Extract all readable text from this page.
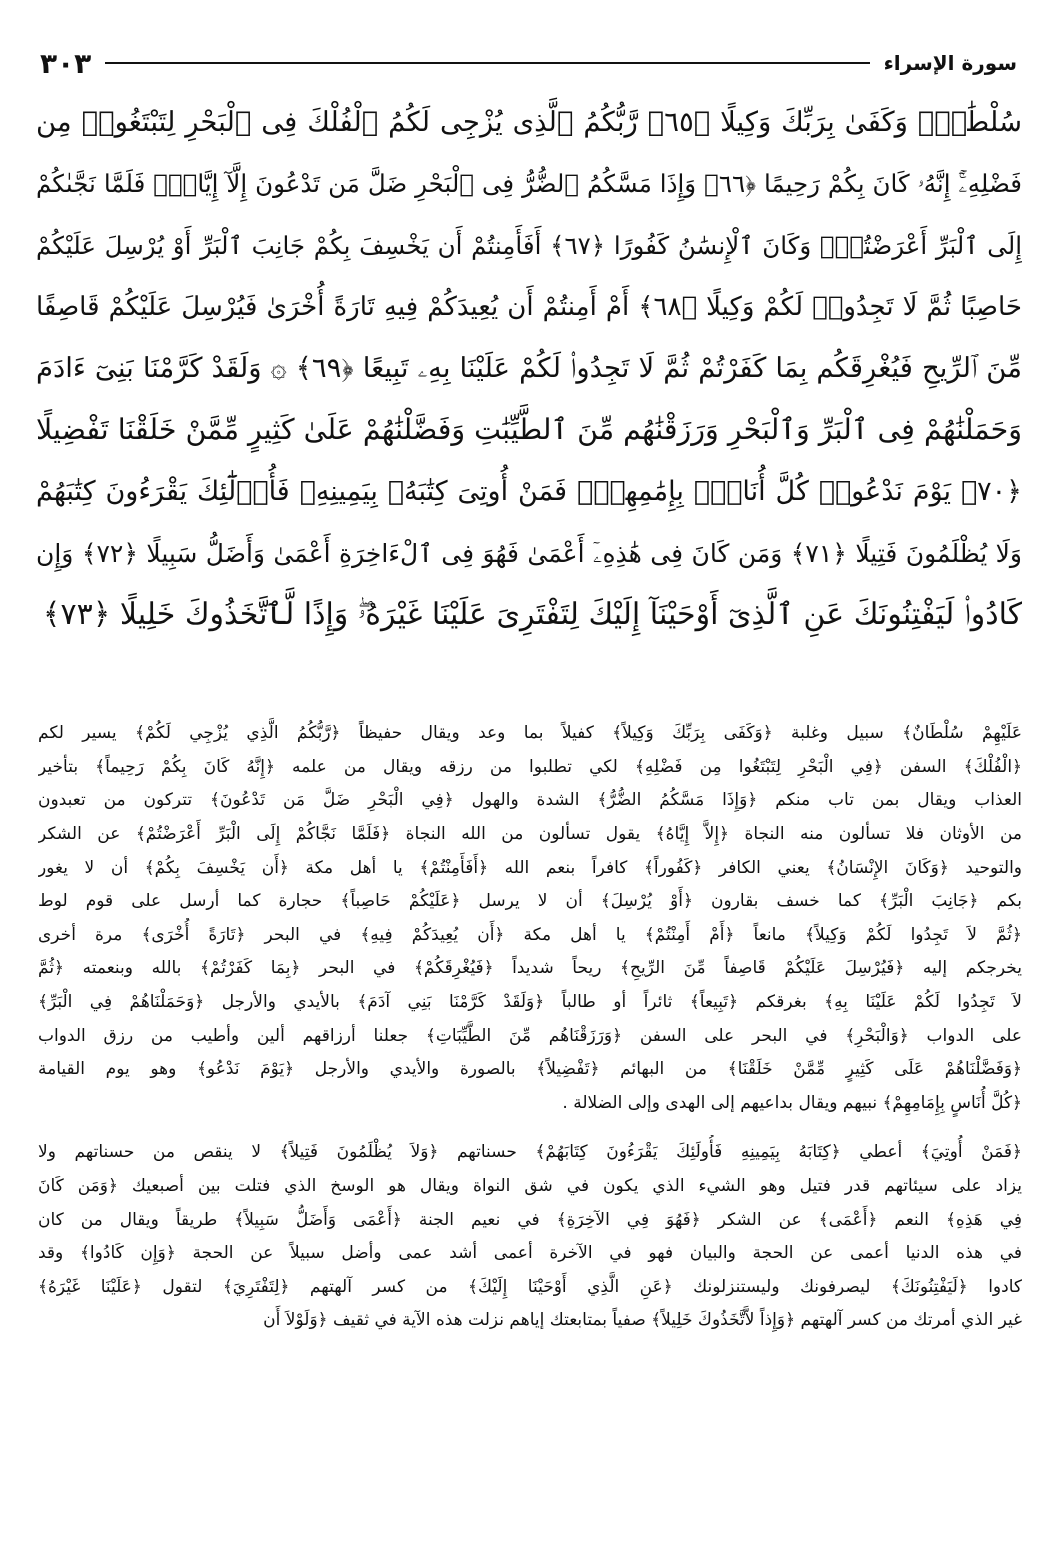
سورة الإسراء
٣٠٣
سُلْطَٰنٌۚ وَكَفَىٰ بِرَبِّكَ وَكِيلًا ﴿٦٥﴾ رَّبُّكُمُ ٱلَّذِى يُزْجِى لَكُمُ ٱلْفُلْكَ فِى ٱلْبَحْرِ لِتَبْتَغُوا۟ مِن
فَضْلِهِۦٓۚ إِنَّهُۥ كَانَ بِكُمْ رَحِيمًا ﴿٦٦﴾ وَإِذَا مَسَّكُمُ ٱلضُّرُّ فِى ٱلْبَحْرِ ضَلَّ مَن تَدْعُونَ إِلَّآ إِيَّاهُۖ فَلَمَّا نَجَّىٰكُمْ
إِلَى ٱلْبَرِّ أَعْرَضْتُمْۚ وَكَانَ ٱلْإِنسَٰنُ كَفُورًا ﴿٦٧﴾ أَفَأَمِنتُمْ أَن يَخْسِفَ بِكُمْ جَانِبَ ٱلْبَرِّ أَوْ يُرْسِلَ عَلَيْكُمْ
حَاصِبًا ثُمَّ لَا تَجِدُوا۟ لَكُمْ وَكِيلًا ﴿٦٨﴾ أَمْ أَمِنتُمْ أَن يُعِيدَكُمْ فِيهِ تَارَةً أُخْرَىٰ فَيُرْسِلَ عَلَيْكُمْ قَاصِفًا
مِّنَ ٱلرِّيحِ فَيُغْرِقَكُم بِمَا كَفَرْتُمْ ثُمَّ لَا تَجِدُوا۟ لَكُمْ عَلَيْنَا بِهِۦ تَبِيعًا ﴿٦٩﴾ ۞ وَلَقَدْ كَرَّمْنَا بَنِىٓ ءَادَمَ
وَحَمَلْنَٰهُمْ فِى ٱلْبَرِّ وَٱلْبَحْرِ وَرَزَقْنَٰهُم مِّنَ ٱلطَّيِّبَٰتِ وَفَضَّلْنَٰهُمْ عَلَىٰ كَثِيرٍ مِّمَّنْ خَلَقْنَا تَفْضِيلًا
﴿٧٠﴾ يَوْمَ نَدْعُوا۟ كُلَّ أُنَاسٍۭ بِإِمَٰمِهِمْۖ فَمَنْ أُوتِىَ كِتَٰبَهُۥ بِيَمِينِهِۦ فَأُو۟لَٰٓئِكَ يَقْرَءُونَ كِتَٰبَهُمْ
وَلَا يُظْلَمُونَ فَتِيلًا ﴿٧١﴾ وَمَن كَانَ فِى هَٰذِهِۦٓ أَعْمَىٰ فَهُوَ فِى ٱلْءَاخِرَةِ أَعْمَىٰ وَأَضَلُّ سَبِيلًا ﴿٧٢﴾ وَإِن
كَادُوا۟ لَيَفْتِنُونَكَ عَنِ ٱلَّذِىٓ أَوْحَيْنَآ إِلَيْكَ لِتَفْتَرِىَ عَلَيْنَا غَيْرَهُۥۖ وَإِذًا لَّٱتَّخَذُوكَ خَلِيلًا ﴿٧٣﴾
عَلَيْهِمْ سُلْطَانٌ﴾ سبيل وغلبة ﴿وَكَفَى بِرَبِّكَ وَكِيلاً﴾ كفيلاً بما وعد ويقال حفيظاً ﴿رَّبُّكُمُ الَّذِي يُزْجِي لَكُمْ﴾ يسير لكم
﴿الْفُلْكَ﴾ السفن ﴿فِي الْبَحْرِ لِتَبْتَغُوا مِن فَضْلِهِ﴾ لكي تطلبوا من رزقه ويقال من علمه ﴿إِنَّهُ كَانَ بِكُمْ رَحِيماً﴾ بتأخير
العذاب ويقال بمن تاب منكم ﴿وَإِذَا مَسَّكُمُ الضُّرُّ﴾ الشدة والهول ﴿فِي الْبَحْرِ ضَلَّ مَن تَدْعُونَ﴾ تتركون من تعبدون
من الأوثان فلا تسألون منه النجاة ﴿إِلاَّ إِيَّاهُ﴾ يقول تسألون من الله النجاة ﴿فَلَمَّا نَجَّاكُمْ إِلَى الْبَرِّ أَعْرَضْتُمْ﴾ عن الشكر
والتوحيد ﴿وَكَانَ الإِنْسَانُ﴾ يعني الكافر ﴿كَفُوراً﴾ كافراً بنعم الله ﴿أَفَأَمِنْتُمْ﴾ يا أهل مكة ﴿أَن يَخْسِفَ بِكُمْ﴾ أن لا يغور
بكم ﴿جَانِبَ الْبَرِّ﴾ كما خسف بقارون ﴿أَوْ يُرْسِلَ﴾ أن لا يرسل ﴿عَلَيْكُمْ حَاصِباً﴾ حجارة كما أرسل على قوم لوط
﴿ثُمَّ لاَ تَجِدُوا لَكُمْ وَكِيلاً﴾ مانعاً ﴿أَمْ أَمِنْتُمْ﴾ يا أهل مكة ﴿أَن يُعِيدَكُمْ فِيهِ﴾ في البحر ﴿تَارَةً أُخْرَى﴾ مرة أخرى
يخرجكم إليه ﴿فَيُرْسِلَ عَلَيْكُمْ قَاصِفاً مِّنَ الرِّيحِ﴾ ريحاً شديداً ﴿فَيُغْرِقَكُمْ﴾ في البحر ﴿بِمَا كَفَرْتُمْ﴾ بالله وبنعمته ﴿ثُمَّ
لاَ تَجِدُوا لَكُمْ عَلَيْنَا بِهِ﴾ بغرقكم ﴿تَبِيعاً﴾ ثائراً أو طالباً ﴿وَلَقَدْ كَرَّمْنَا بَنِي آدَمَ﴾ بالأيدي والأرجل ﴿وَحَمَلْنَاهُمْ فِي الْبَرِّ﴾
على الدواب ﴿وَالْبَحْرِ﴾ في البحر على السفن ﴿وَرَزَقْنَاهُم مِّنَ الطَّيِّبَاتِ﴾ جعلنا أرزاقهم ألين وأطيب من رزق الدواب
﴿وَفَضَّلْنَاهُمْ عَلَى كَثِيرٍ مِّمَّنْ خَلَقْنَا﴾ من البهائم ﴿تَفْضِيلاً﴾ بالصورة والأيدي والأرجل ﴿يَوْمَ نَدْعُو﴾ وهو يوم القيامة
﴿كُلَّ أُنَاسٍ بِإِمَامِهِمْ﴾ نبيهم ويقال بداعيهم إلى الهدى وإلى الضلالة .
﴿فَمَنْ أُوتِيَ﴾ أعطي ﴿كِتَابَهُ بِيَمِينِهِ فَأُولَئِكَ يَقْرَءُونَ كِتَابَهُمْ﴾ حسناتهم ﴿وَلاَ يُظْلَمُونَ فَتِيلاً﴾ لا ينقص من حسناتهم ولا
يزاد على سيئاتهم قدر فتيل وهو الشيء الذي يكون في شق النواة ويقال هو الوسخ الذي فتلت بين أصبعيك ﴿وَمَن كَانَ
فِي هَذِهِ﴾ النعم ﴿أَعْمَى﴾ عن الشكر ﴿فَهُوَ فِي الآخِرَةِ﴾ في نعيم الجنة ﴿أَعْمَى وَأَضَلُّ سَبِيلاً﴾ طريقاً ويقال من كان
في هذه الدنيا أعمى عن الحجة والبيان فهو في الآخرة أعمى أشد عمى وأضل سبيلاً عن الحجة ﴿وَإِن كَادُوا﴾ وقد
كادوا ﴿لَيَفْتِنُونَكَ﴾ ليصرفونك وليستنزلونك ﴿عَنِ الَّذِي أَوْحَيْنَا إِلَيْكَ﴾ من كسر آلهتهم ﴿لِتَفْتَرِيَ﴾ لتقول ﴿عَلَيْنَا غَيْرَهُ﴾
غير الذي أمرتك من كسر آلهتهم ﴿وَإِذاً لاَّتَّخَذُوكَ خَلِيلاً﴾ صفياً بمتابعتك إياهم نزلت هذه الآية في ثقيف ﴿وَلَوْلاَ أَن
